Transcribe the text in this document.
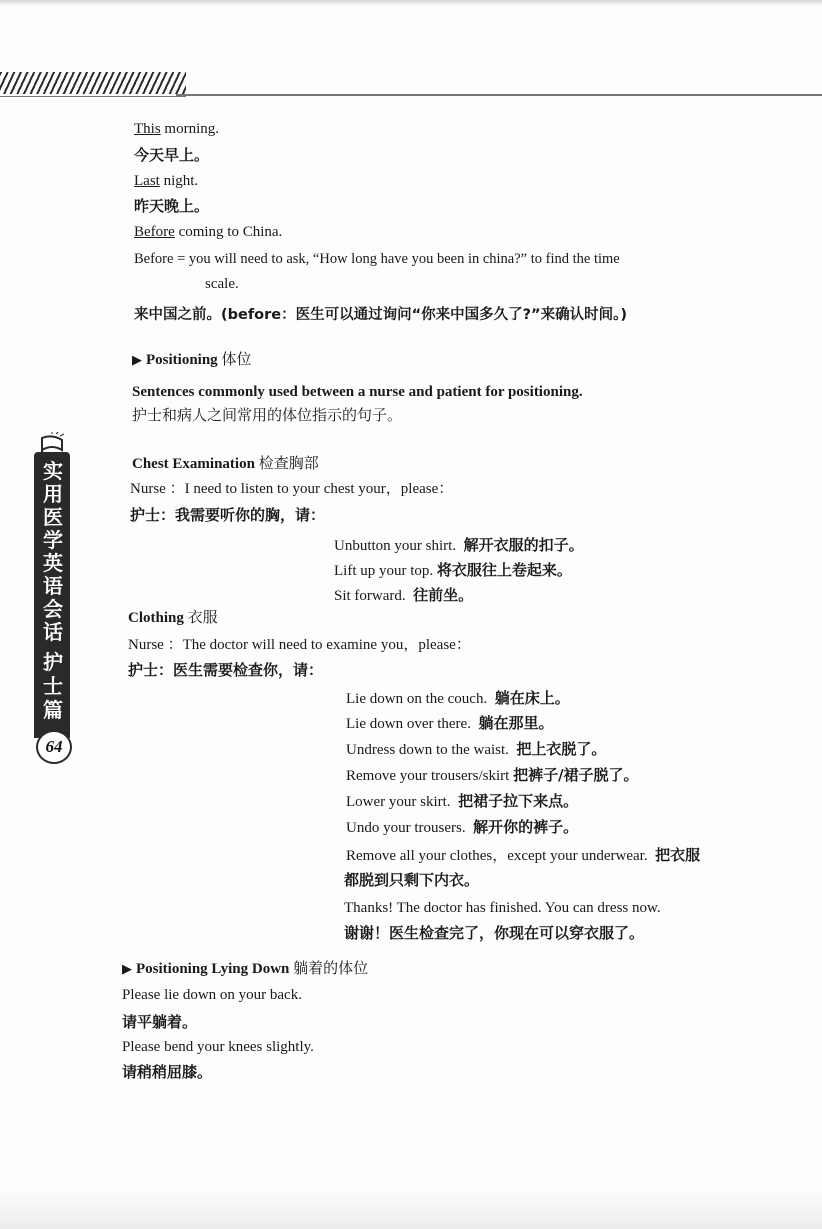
实用医学英语会话
护士篇
64
This morning.
今天早上。
Last night.
昨天晚上。
Before coming to China.
Before = you will need to ask, “How long have you been in china?” to find the time
scale.
来中国之前。(before：医生可以通过询问“你来中国多久了?”来确认时间。)
▶ Positioning 体位
Sentences commonly used between a nurse and patient for positioning.
护士和病人之间常用的体位指示的句子。
Chest Examination 检查胸部
Nurse ：I need to listen to your chest your，please：
护士：我需要听你的胸，请：
Unbutton your shirt. 解开衣服的扣子。
Lift up your top. 将衣服往上卷起来。
Sit forward. 往前坐。
Clothing 衣服
Nurse ：The doctor will need to examine you，please：
护士：医生需要检查你，请：
Lie down on the couch. 躺在床上。
Lie down over there. 躺在那里。
Undress down to the waist. 把上衣脱了。
Remove your trousers/skirt 把裤子/裙子脱了。
Lower your skirt. 把裙子拉下来点。
Undo your trousers. 解开你的裤子。
Remove all your clothes，except your underwear. 把衣服
都脱到只剩下内衣。
Thanks! The doctor has finished. You can dress now.
谢谢！医生检查完了，你现在可以穿衣服了。
▶ Positioning Lying Down 躺着的体位
Please lie down on your back.
请平躺着。
Please bend your knees slightly.
请稍稍屈膝。
